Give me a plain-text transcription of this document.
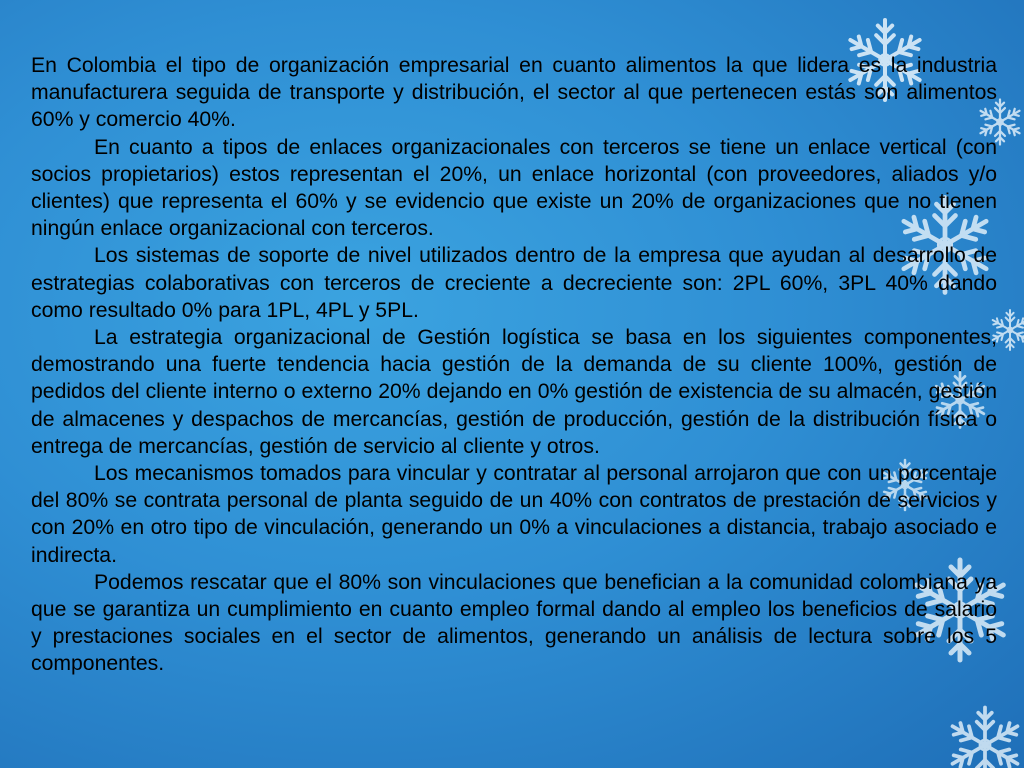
En Colombia el tipo de organización empresarial en cuanto alimentos la que lidera es la industria manufacturera seguida de transporte y distribución, el sector al que pertenecen estás son alimentos 60% y comercio 40%.

En cuanto a tipos de enlaces organizacionales con terceros se tiene un enlace vertical (con socios propietarios) estos representan el 20%, un enlace horizontal (con proveedores, aliados y/o clientes) que representa el 60% y se evidencio que existe un 20% de organizaciones que no tienen ningún enlace organizacional con terceros.

Los sistemas de soporte de nivel utilizados dentro de la empresa que ayudan al desarrollo de estrategias colaborativas con terceros de creciente a decreciente son: 2PL 60%, 3PL 40% dando como resultado 0% para 1PL, 4PL y 5PL.

La estrategia organizacional de Gestión logística se basa en los siguientes componentes, demostrando una fuerte tendencia hacia gestión de la demanda de su cliente 100%, gestión de pedidos del cliente interno o externo 20% dejando en 0% gestión de existencia de su almacén, gestión de almacenes y despachos de mercancías, gestión de producción, gestión de la distribución física o entrega de mercancías, gestión de servicio al cliente y otros.

Los mecanismos tomados para vincular y contratar al personal arrojaron que con un porcentaje del 80% se contrata personal de planta seguido de un 40% con contratos de prestación de servicios y con 20% en otro tipo de vinculación, generando un 0% a vinculaciones a distancia, trabajo asociado e indirecta.

Podemos rescatar que el 80% son vinculaciones que benefician a la comunidad colombiana ya que se garantiza un cumplimiento en cuanto empleo formal dando al empleo los beneficios de salario y prestaciones sociales en el sector de alimentos, generando un análisis de lectura sobre los 5 componentes.
